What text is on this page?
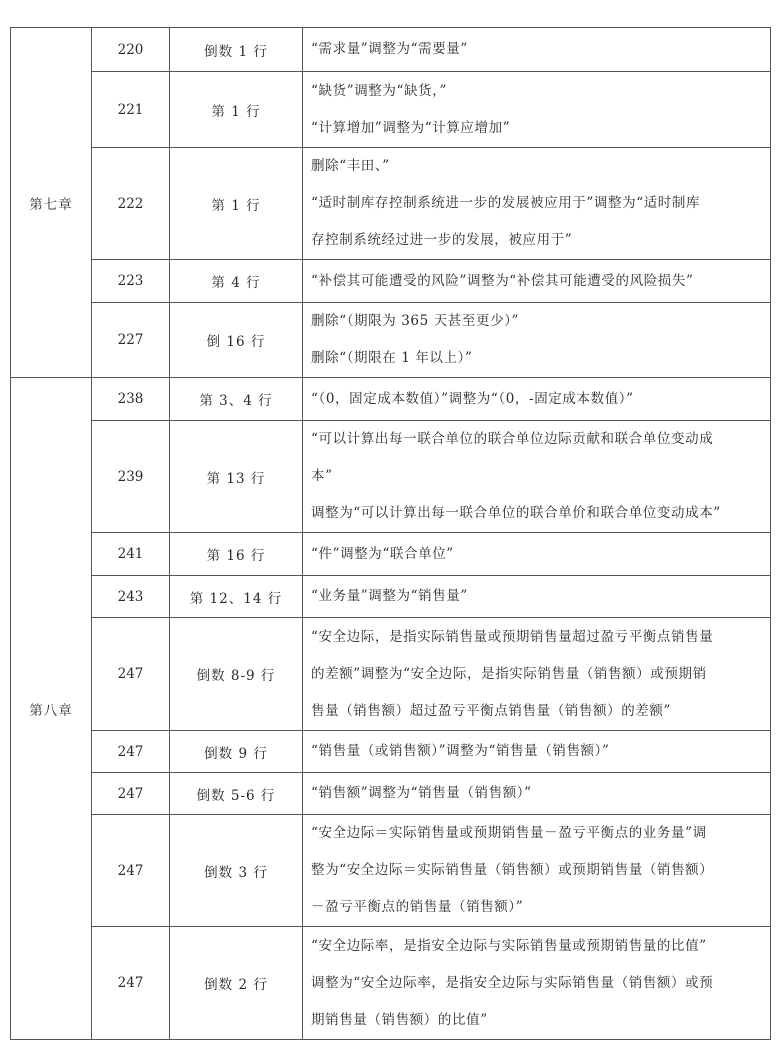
第七章	220	倒数 1 行	“需求量”调整为“需要量”

	221	第 1 行	“缺货”调整为“缺货，”
“计算增加”调整为“计算应增加”

	222	第 1 行	删除“丰田、”
“适时制库存控制系统进一步的发展被应用于”调整为“适时制库
存控制系统经过进一步的发展，被应用于”

	223	第 4 行	“补偿其可能遭受的风险”调整为“补偿其可能遭受的风险损失”

	227	倒 16 行	删除“（期限为 365 天甚至更少）”
删除“（期限在 1 年以上）”

第八章	238	第 3、4 行	“（0，固定成本数值）”调整为“（0，-固定成本数值）”

	239	第 13 行	“可以计算出每一联合单位的联合单位边际贡献和联合单位变动成
本”
调整为“可以计算出每一联合单位的联合单价和联合单位变动成本”

	241	第 16 行	“件”调整为“联合单位”

	243	第 12、14 行	“业务量”调整为“销售量”

	247	倒数 8-9 行	“安全边际，是指实际销售量或预期销售量超过盈亏平衡点销售量
的差额”调整为“安全边际，是指实际销售量（销售额）或预期销
售量（销售额）超过盈亏平衡点销售量（销售额）的差额”

	247	倒数 9 行	“销售量（或销售额）”调整为“销售量（销售额）”

	247	倒数 5-6 行	“销售额”调整为“销售量（销售额）”

	247	倒数 3 行	“安全边际＝实际销售量或预期销售量－盈亏平衡点的业务量”调
整为“安全边际＝实际销售量（销售额）或预期销售量（销售额）
－盈亏平衡点的销售量（销售额）”

	247	倒数 2 行	“安全边际率，是指安全边际与实际销售量或预期销售量的比值”
调整为“安全边际率，是指安全边际与实际销售量（销售额）或预
期销售量（销售额）的比值”
